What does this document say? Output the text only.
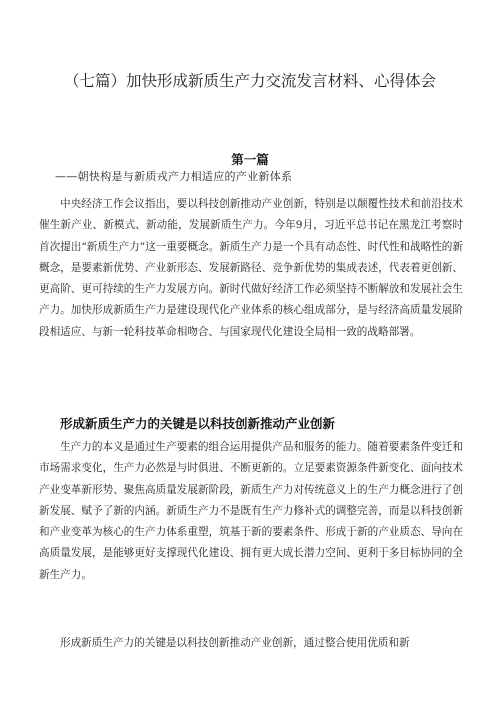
（七篇）加快形成新质生产力交流发言材料、心得体会
第一篇
——朝快构是与新质戎产力相适应的产业新体系

中央经济工作会议指出，要以科技创新推动产业创新，特别是以颠覆性技术和前沿技术催生新产业、新模式、新动能，发展新质生产力。今年9月，习近平总书记在黑龙江考察时首次提出“新质生产力”这一重要概念。新质生产力是一个具有动态性、时代性和战略性的新概念，是要素新优势、产业新形态、发展新路径、竞争新优势的集成表述，代表着更创新、更高阶、更可持续的生产力发展方向。新时代做好经济工作必须坚持不断解放和发展社会生产力。加快形成新质生产力是建设现代化产业体系的核心组成部分，是与经济高质量发展阶段相适应、与新一轮科技革命相吻合、与国家现代化建设全局相一致的战略部署。

形成新质生产力的关键是以科技创新推动产业创新

生产力的本义是通过生产要素的组合运用提供产品和服务的能力。随着要素条件变迁和市场需求变化，生产力必然是与时俱进、不断更新的。立足要素资源条件新变化、面向技术产业变革新形势、聚焦高质量发展新阶段，新质生产力对传统意义上的生产力概念进行了创新发展、赋予了新的内涵。新质生产力不是既有生产力修补式的调整完善，而是以科技创新和产业变革为核心的生产力体系重塑，筑基于新的要素条件、形成于新的产业质态、导向在高质量发展，是能够更好支撑现代化建设、拥有更大成长潜力空间、更利于多目标协同的全新生产力。

形成新质生产力的关键是以科技创新推动产业创新，通过整合使用优质和新
